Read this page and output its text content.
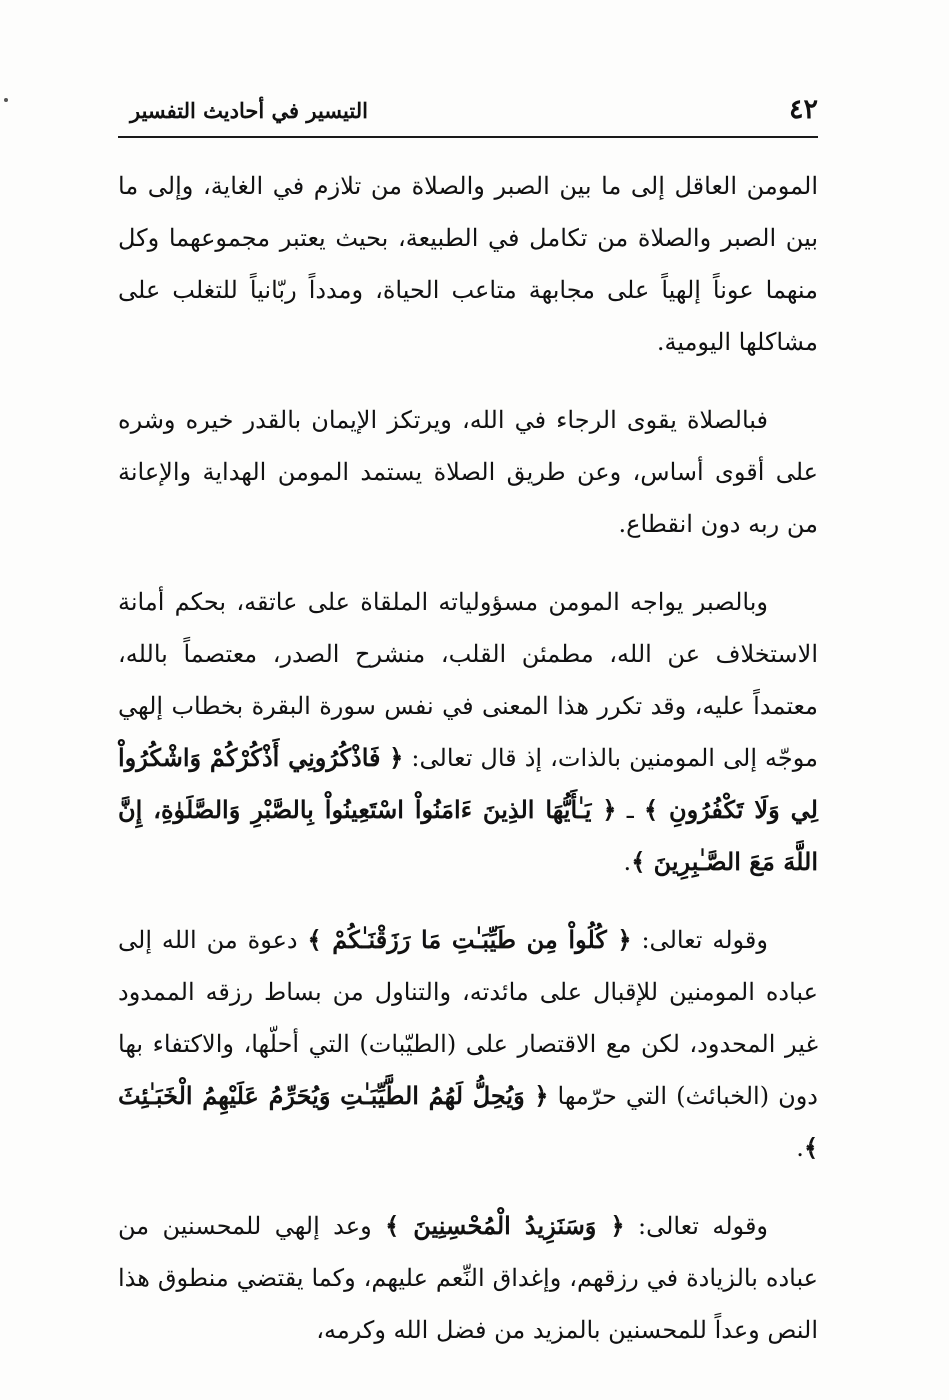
٤٢
التيسير في أحاديث التفسير

المومن العاقل إلى ما بين الصبر والصلاة من تلازم في الغاية، وإلى ما بين الصبر والصلاة من تكامل في الطبيعة، بحيث يعتبر مجموعهما وكل منهما عوناً إلهياً على مجابهة متاعب الحياة، ومدداً ربّانياً للتغلب على مشاكلها اليومية.

فبالصلاة يقوى الرجاء في الله، ويرتكز الإيمان بالقدر خيره وشره على أقوى أساس، وعن طريق الصلاة يستمد المومن الهداية والإعانة من ربه دون انقطاع.

وبالصبر يواجه المومن مسؤولياته الملقاة على عاتقه، بحكم أمانة الاستخلاف عن الله، مطمئن القلب، منشرح الصدر، معتصماً بالله، معتمداً عليه، وقد تكرر هذا المعنى في نفس سورة البقرة بخطاب إلهي موجّه إلى المومنين بالذات، إذ قال تعالى: ﴿ فَاذْكُرُونِي أَذْكُرْكُمْ وَاشْكُرُواْ لِي وَلَا تَكْفُرُونِ ﴾ ـ ﴿ يَـٰأَيُّهَا الذِينَ ءَامَنُواْ اسْتَعِينُواْ بِالصَّبْرِ وَالصَّلَوٰةِ، إِنَّ اللَّهَ مَعَ الصَّـٰبِرِينَ ﴾.

وقوله تعالى: ﴿ كُلُواْ مِن طَيِّبَـٰتِ مَا رَزَقْنَـٰكُمْ ﴾ دعوة من الله إلى عباده المومنين للإقبال على مائدته، والتناول من بساط رزقه الممدود غير المحدود، لكن مع الاقتصار على (الطيّبات) التي أحلّها، والاكتفاء بها دون (الخبائث) التي حرّمها ﴿ وَيُحِلُّ لَهُمُ الطَّيِّبَـٰتِ وَيُحَرِّمُ عَلَيْهِمُ الْخَبَـٰئِثَ ﴾.

وقوله تعالى: ﴿ وَسَنَزِيدُ الْمُحْسِنِينَ ﴾ وعد إلهي للمحسنين من عباده بالزيادة في رزقهم، وإغداق النِّعم عليهم، وكما يقتضي منطوق هذا النص وعداً للمحسنين بالمزيد من فضل الله وكرمه،
